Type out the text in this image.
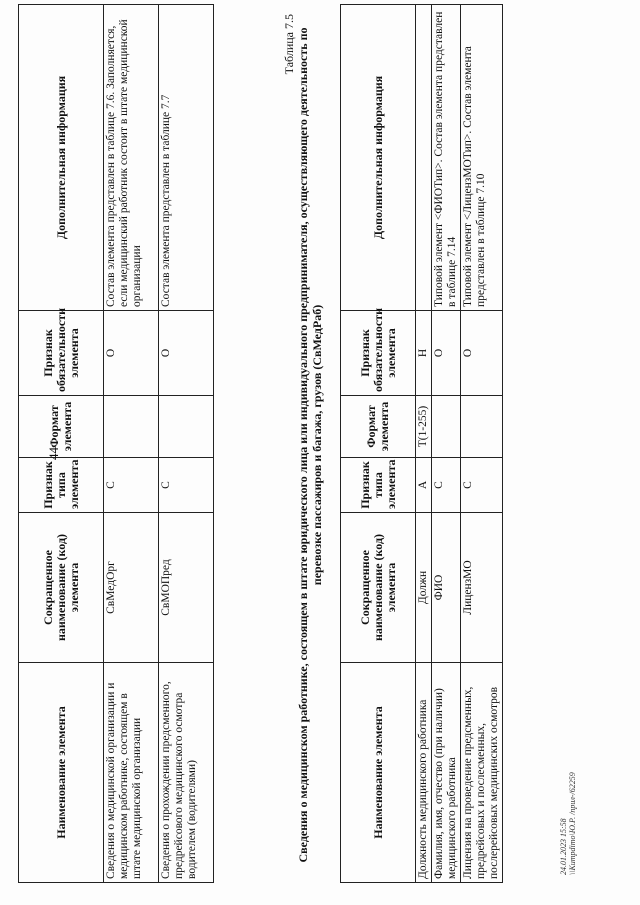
Наименование элемента	Сокращенное наименование (код) элемента	Признак типа элемента	Формат элемента	Признак обязательности элемента	Дополнительная информация
Сведения о медицинской организации и медицинском работнике, состоящем в штате медицинской организации	СвМедОрг	С		О	Состав элемента представлен в таблице 7.6. Заполняется, если медицинский работник состоит в штате медицинской организации
Сведения о прохождении предсменного, предрейсового медицинского осмотра водителем (водителями)	СвМОПред	С		О	Состав элемента представлен в таблице 7.7
44
Таблица 7.5 Сведения о медицинском работнике, состоящем в штате юридического лица или индивидуального предпринимателя, осуществляющего деятельность по перевозке пассажиров и багажа, грузов (СвМедРаб)
Наименование элемента	Сокращенное наименование (код) элемента	Признак типа элемента	Формат элемента	Признак обязательности элемента	Дополнительная информация
Должность медицинского работника	Должн	А	T(1-255)	Н	
Фамилия, имя, отчество (при наличии) медицинского работника	ФИО	С		О	Типовой элемент <ФИОТип>. Состав элемента представлен в таблице 7.14
Лицензия на проведение предсменных, предрейсовых и послесменных, послерейсовых медицинских осмотров	ЛицензМО	С		О	Типовой элемент <ЛицензМОТип>. Состав элемента представлен в таблице 7.10
24.01.2023 15:58 \\Kumpdimo\Ю.Р. /прил-/62259
